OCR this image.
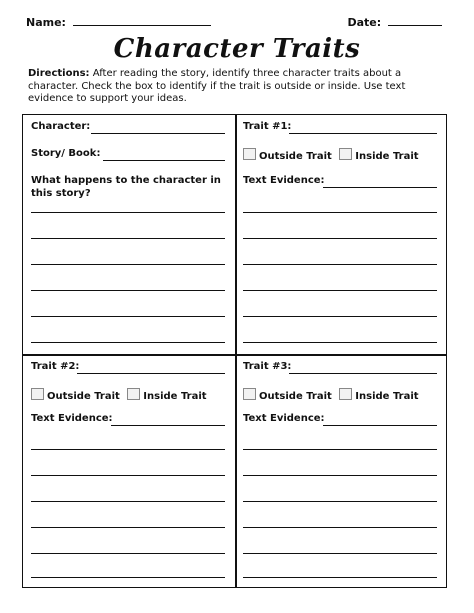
Name:	Date:
Character Traits
Directions: After reading the story, identify three character traits about a character. Check the box to identify if the trait is outside or inside. Use text evidence to support your ideas.
Character:
Story/ Book:
What happens to the character in this story?
Trait #1:
Outside Trait Inside Trait
Text Evidence:
Trait #2:
Outside Trait Inside Trait
Text Evidence:
Trait #3:
Outside Trait Inside Trait
Text Evidence:
